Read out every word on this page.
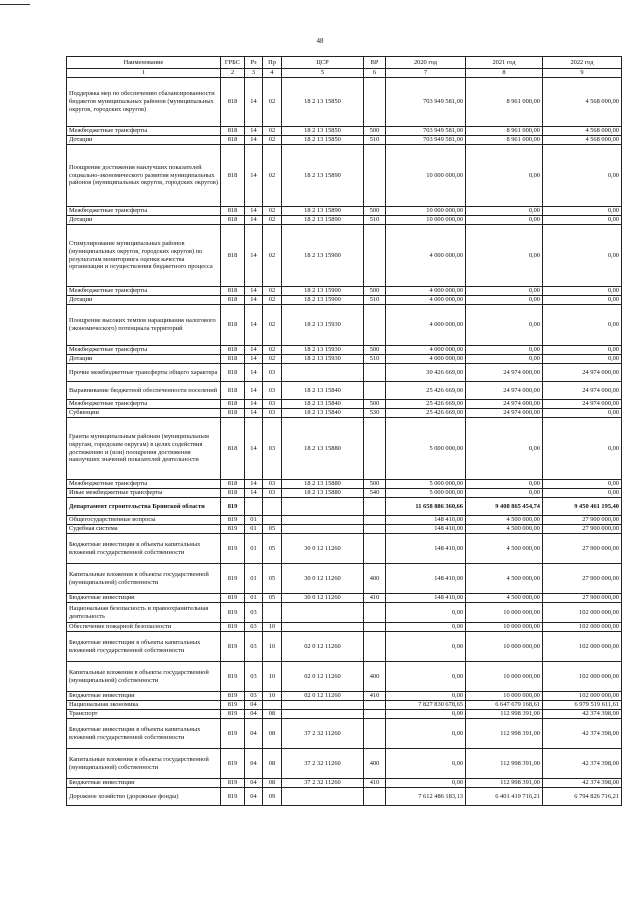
48
Наименование	ГРБС	Рз	Пр	ЦСР	ВР	2020 год	2021 год	2022 год
1	2	3	4	5	6	7	8	9
Поддержка мер по обеспечению сбалансированности бюджетов муниципальных районов (муниципальных округов, городских округов)	818	14	02	18 2 13 15850		703 949 581,00	8 961 000,00	4 568 000,00
Межбюджетные трансферты	818	14	02	18 2 13 15850	500	703 949 581,00	8 961 000,00	4 568 000,00
Дотации	818	14	02	18 2 13 15850	510	703 949 581,00	8 961 000,00	4 568 000,00
Поощрение достижения наилучших показателей социально-экономического развития муниципальных районов (муниципальных округов, городских округов)	818	14	02	18 2 13 15890		10 000 000,00	0,00	0,00
Межбюджетные трансферты	818	14	02	18 2 13 15890	500	10 000 000,00	0,00	0,00
Дотации	818	14	02	18 2 13 15890	510	10 000 000,00	0,00	0,00
Стимулирование муниципальных районов (муниципальных округов, городских округов) по результатам мониторинга оценки качества организации и осуществления бюджетного процесса	818	14	02	18 2 13 15900		4 000 000,00	0,00	0,00
Межбюджетные трансферты	818	14	02	18 2 13 15900	500	4 000 000,00	0,00	0,00
Дотации	818	14	02	18 2 13 15900	510	4 000 000,00	0,00	0,00
Поощрение высоких темпов наращивания налогового (экономического) потенциала территорий	818	14	02	18 2 13 15930		4 000 000,00	0,00	0,00
Межбюджетные трансферты	818	14	02	18 2 13 15930	500	4 000 000,00	0,00	0,00
Дотации	818	14	02	18 2 13 15930	510	4 000 000,00	0,00	0,00
Прочие межбюджетные трансферты общего характера	818	14	03			30 426 669,00	24 974 000,00	24 974 000,00
Выравнивание бюджетной обеспеченности поселений	818	14	03	18 2 13 15840		25 426 669,00	24 974 000,00	24 974 000,00
Межбюджетные трансферты	818	14	03	18 2 13 15840	500	25 426 669,00	24 974 000,00	24 974 000,00
Субвенции	818	14	03	18 2 13 15840	530	25 426 669,00	24 974 000,00	0,00
Гранты муниципальным районам (муниципальным округам, городским округам) в целях содействия достижению и (или) поощрения достижения наилучших значений показателей деятельности	818	14	03	18 2 13 15880		5 000 000,00	0,00	0,00
Межбюджетные трансферты	818	14	03	18 2 13 15880	500	5 000 000,00	0,00	0,00
Иные межбюджетные трансферты	818	14	03	18 2 13 15880	540	5 000 000,00	0,00	0,00
Департамент строительства Брянской области	819					11 658 886 360,66	9 408 865 454,74	9 450 461 195,40
Общегосударственные вопросы	819	01				148 410,00	4 500 000,00	27 900 000,00
Судебная система	819	01	05			148 410,00	4 500 000,00	27 900 000,00
Бюджетные инвестиции в объекты капитальных вложений государственной собственности	819	01	05	30 0 12 11260		148 410,00	4 500 000,00	27 900 000,00
Капитальные вложения в объекты государственной (муниципальной) собственности	819	01	05	30 0 12 11260	400	148 410,00	4 500 000,00	27 900 000,00
Бюджетные инвестиции	819	01	05	30 0 12 11260	410	148 410,00	4 500 000,00	27 900 000,00
Национальная безопасность и правоохранительная деятельность	819	03				0,00	10 000 000,00	102 000 000,00
Обеспечение пожарной безопасности	819	03	10			0,00	10 000 000,00	102 000 000,00
Бюджетные инвестиции в объекты капитальных вложений государственной собственности	819	03	10	02 0 12 11260		0,00	10 000 000,00	102 000 000,00
Капитальные вложения в объекты государственной (муниципальной) собственности	819	03	10	02 0 12 11260	400	0,00	10 000 000,00	102 000 000,00
Бюджетные инвестиции	819	03	10	02 0 12 11260	410	0,00	10 000 000,00	102 000 000,00
Национальная экономика	819	04				7 827 830 678,65	6 647 679 168,61	6 979 519 611,61
Транспорт	819	04	08			0,00	112 998 391,00	42 374 398,00
Бюджетные инвестиции в объекты капитальных вложений государственной собственности	819	04	08	37 2 32 11260		0,00	112 998 391,00	42 374 398,00
Капитальные вложения в объекты государственной (муниципальной) собственности	819	04	08	37 2 32 11260	400	0,00	112 998 391,00	42 374 398,00
Бюджетные инвестиции	819	04	08	37 2 32 11260	410	0,00	112 998 391,00	42 374 398,00
Дорожное хозяйство (дорожные фонды)	819	04	09			7 612 486 183,13	6 401 419 716,21	6 794 826 716,21
